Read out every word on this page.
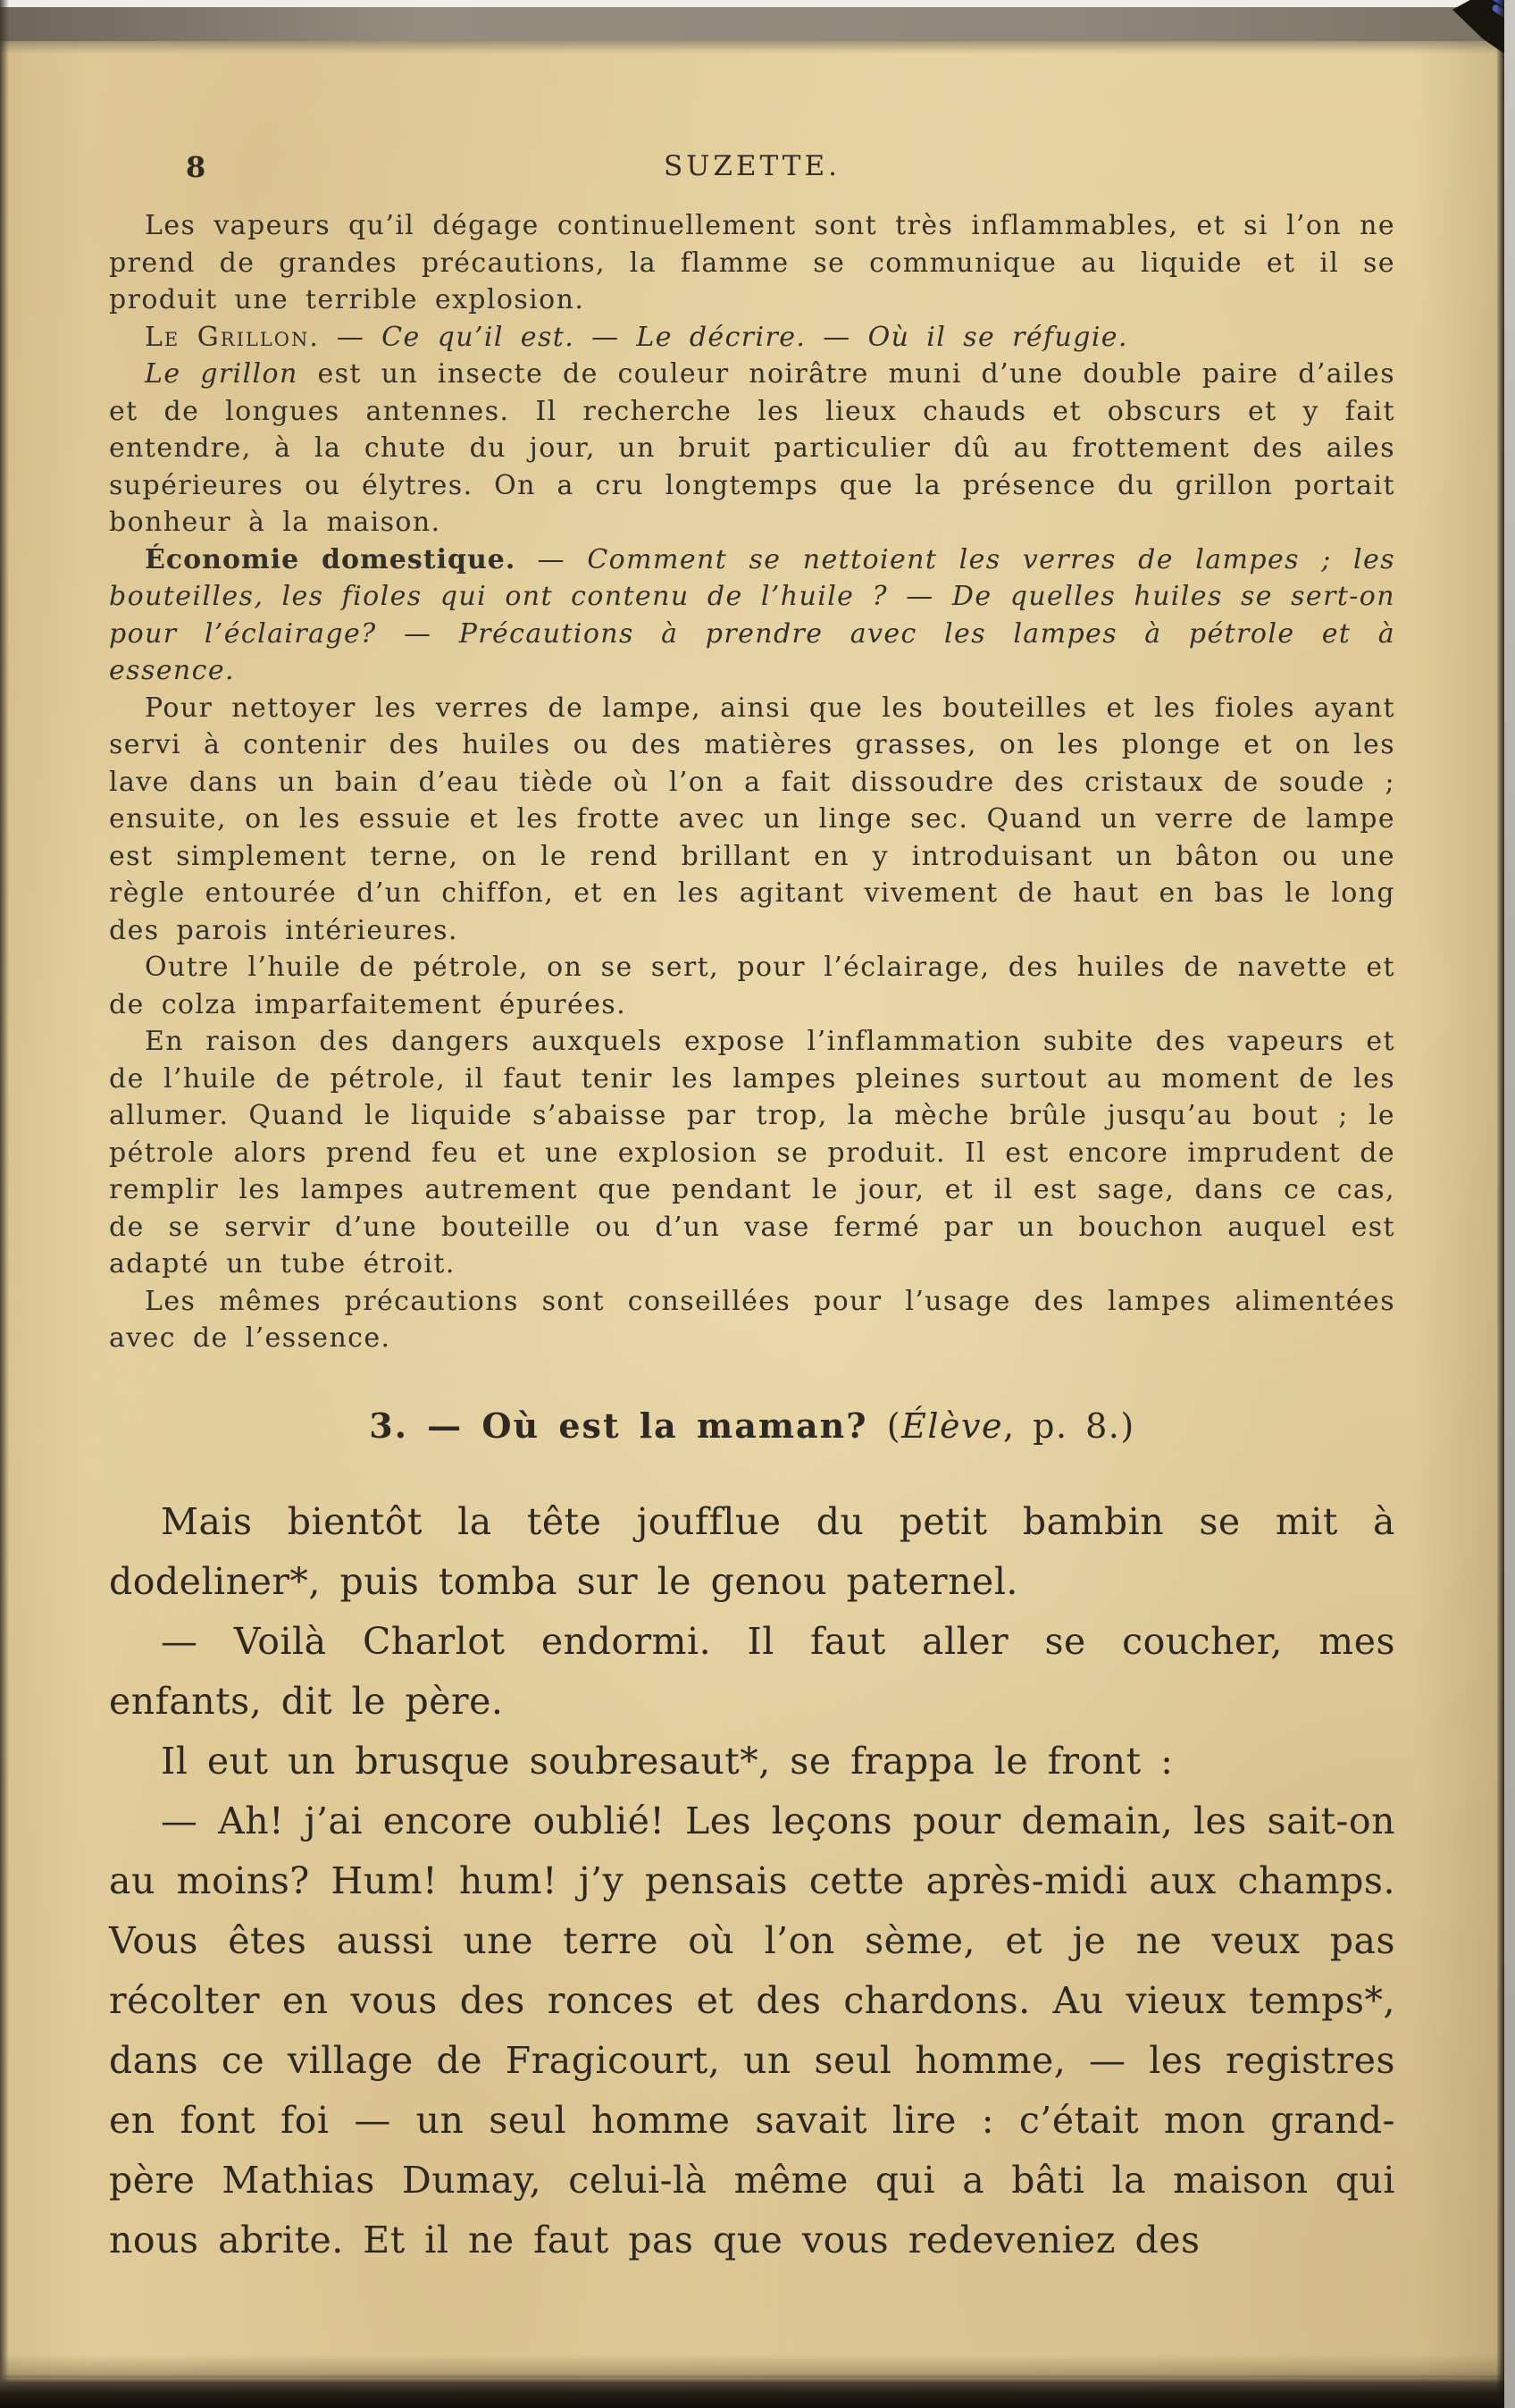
8	SUZETTE.

Les vapeurs qu’il dégage continuellement sont très inflammables, et si l’on ne prend de grandes précautions, la flamme se communique au liquide et il se produit une terrible explosion.

Le Grillon. — Ce qu’il est. — Le décrire. — Où il se réfugie.

Le grillon est un insecte de couleur noirâtre muni d’une double paire d’ailes et de longues antennes. Il recherche les lieux chauds et obscurs et y fait entendre, à la chute du jour, un bruit particulier dû au frottement des ailes supérieures ou élytres. On a cru longtemps que la présence du grillon portait bonheur à la maison.

Économie domestique. — Comment se nettoient les verres de lampes ; les bouteilles, les fioles qui ont contenu de l’huile ? — De quelles huiles se sert-on pour l’éclairage? — Précautions à prendre avec les lampes à pétrole et à essence.

Pour nettoyer les verres de lampe, ainsi que les bouteilles et les fioles ayant servi à contenir des huiles ou des matières grasses, on les plonge et on les lave dans un bain d’eau tiède où l’on a fait dissoudre des cristaux de soude ; ensuite, on les essuie et les frotte avec un linge sec. Quand un verre de lampe est simplement terne, on le rend brillant en y introduisant un bâton ou une règle entourée d’un chiffon, et en les agitant vivement de haut en bas le long des parois intérieures.

Outre l’huile de pétrole, on se sert, pour l’éclairage, des huiles de navette et de colza imparfaitement épurées.

En raison des dangers auxquels expose l’inflammation subite des vapeurs et de l’huile de pétrole, il faut tenir les lampes pleines surtout au moment de les allumer. Quand le liquide s’abaisse par trop, la mèche brûle jusqu’au bout ; le pétrole alors prend feu et une explosion se produit. Il est encore imprudent de remplir les lampes autrement que pendant le jour, et il est sage, dans ce cas, de se servir d’une bouteille ou d’un vase fermé par un bouchon auquel est adapté un tube étroit.

Les mêmes précautions sont conseillées pour l’usage des lampes alimentées avec de l’essence.

3. — Où est la maman? (Élève, p. 8.)

Mais bientôt la tête joufflue du petit bambin se mit à dodeliner*, puis tomba sur le genou paternel.

— Voilà Charlot endormi. Il faut aller se coucher, mes enfants, dit le père.

Il eut un brusque soubresaut*, se frappa le front :

— Ah! j’ai encore oublié! Les leçons pour demain, les sait-on au moins? Hum! hum! j’y pensais cette après-midi aux champs. Vous êtes aussi une terre où l’on sème, et je ne veux pas récolter en vous des ronces et des chardons. Au vieux temps*, dans ce village de Fragicourt, un seul homme, — les registres en font foi — un seul homme savait lire : c’était mon grand-père Mathias Dumay, celui-là même qui a bâti la maison qui nous abrite. Et il ne faut pas que vous redeveniez des
